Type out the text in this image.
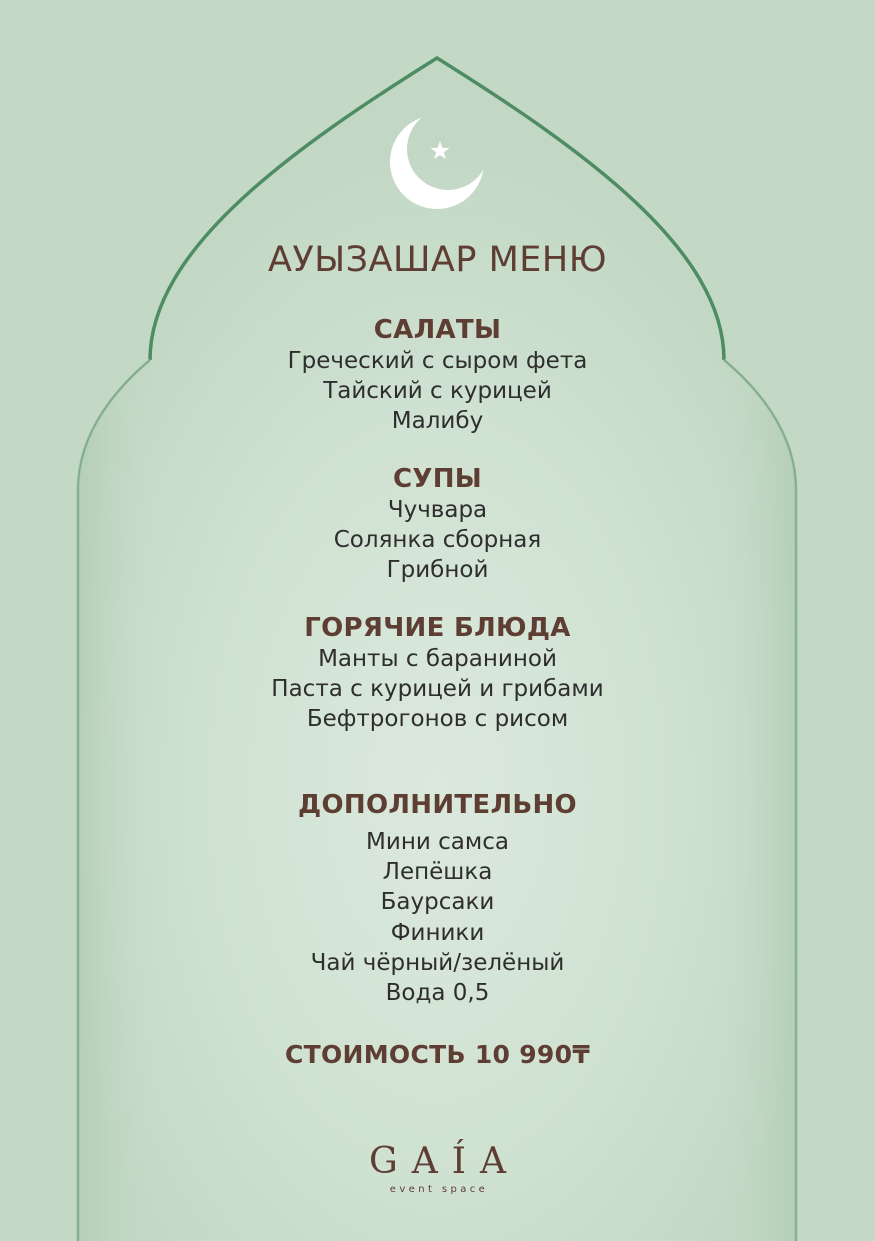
АУЫЗАШАР МЕНЮ
САЛАТЫ
Греческий с сыром фета
Тайский с курицей
Малибу
СУПЫ
Чучвара
Солянка сборная
Грибной
ГОРЯЧИЕ БЛЮДА
Манты с бараниной
Паста с курицей и грибами
Бефтрогонов с рисом
ДОПОЛНИТЕЛЬНО
Мини самса
Лепёшка
Баурсаки
Финики
Чай чёрный/зелёный
Вода 0,5
СТОИМОСТЬ 10 990₸
GAÍA
event space
